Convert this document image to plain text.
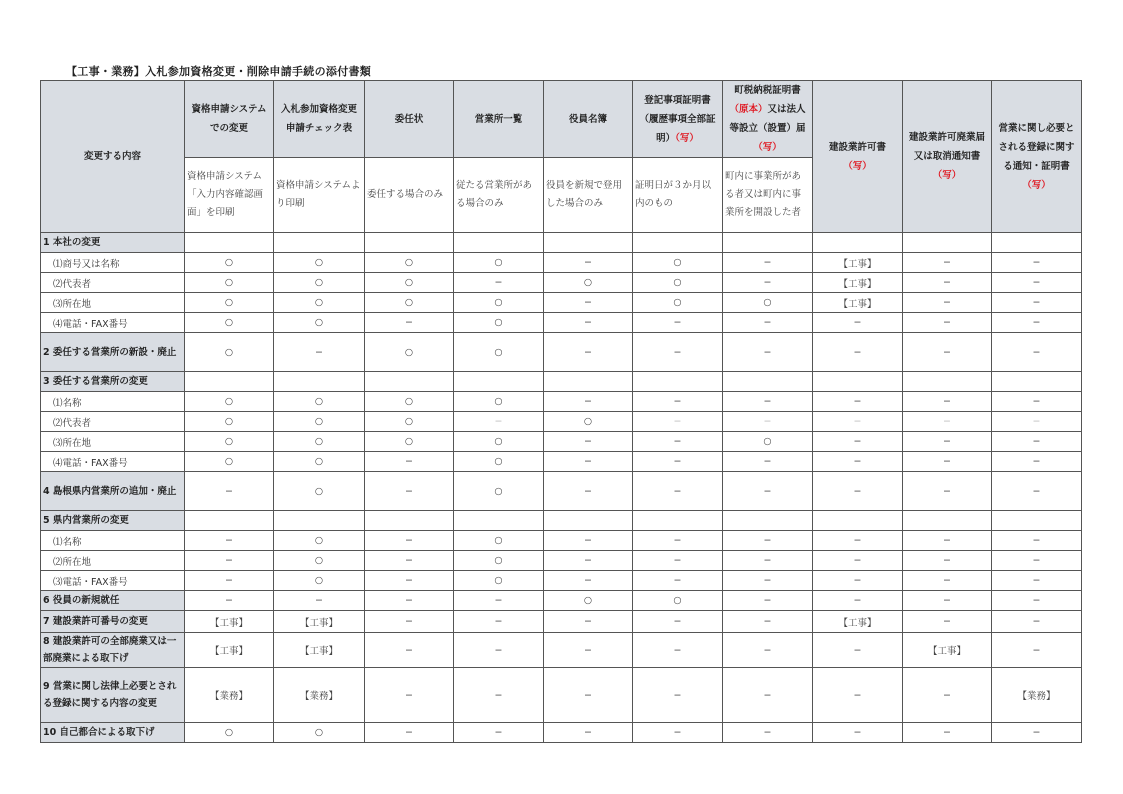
【工事・業務】入札参加資格変更・削除申請手続の添付書類
変更する内容	資格申請システムでの変更	入札参加資格変更申請チェック表	委任状	営業所一覧	役員名簿	登記事項証明書（履歴事項全部証明）（写）	町税納税証明書（原本）又は法人等設立（設置）届（写）	建設業許可書（写）	建設業許可廃業届又は取消通知書（写）	営業に関し必要とされる登録に関する通知・証明書（写）
	資格申請システム「入力内容確認画面」を印刷	資格申請システムより印刷	委任する場合のみ	従たる営業所がある場合のみ	役員を新規で登用した場合のみ	証明日が３か月以内のもの	町内に事業所がある者又は町内に事業所を開設した者			
1 本社の変更										
⑴商号又は名称	○	○	○	○	−	○	−	【工事】	−	−
⑵代表者	○	○	○	−	○	○	−	【工事】	−	−
⑶所在地	○	○	○	○	−	○	○	【工事】	−	−
⑷電話・FAX番号	○	○	−	○	−	−	−	−	−	−
2 委任する営業所の新設・廃止	○	−	○	○	−	−	−	−	−	−
3 委任する営業所の変更										
⑴名称	○	○	○	○	−	−	−	−	−	−
⑵代表者	○	○	○	−	○	−	−	−	−	−
⑶所在地	○	○	○	○	−	−	○	−	−	−
⑷電話・FAX番号	○	○	−	○	−	−	−	−	−	−
4 島根県内営業所の追加・廃止	−	○	−	○	−	−	−	−	−	−
5 県内営業所の変更										
⑴名称	−	○	−	○	−	−	−	−	−	−
⑵所在地	−	○	−	○	−	−	−	−	−	−
⑶電話・FAX番号	−	○	−	○	−	−	−	−	−	−
6 役員の新規就任	−	−	−	−	○	○	−	−	−	−
7 建設業許可番号の変更	【工事】	【工事】	−	−	−	−	−	【工事】	−	−
8 建設業許可の全部廃業又は一部廃業による取下げ	【工事】	【工事】	−	−	−	−	−	−	【工事】	−
9 営業に関し法律上必要とされる登録に関する内容の変更	【業務】	【業務】	−	−	−	−	−	−	−	【業務】
10 自己都合による取下げ	○	○	−	−	−	−	−	−	−	−
